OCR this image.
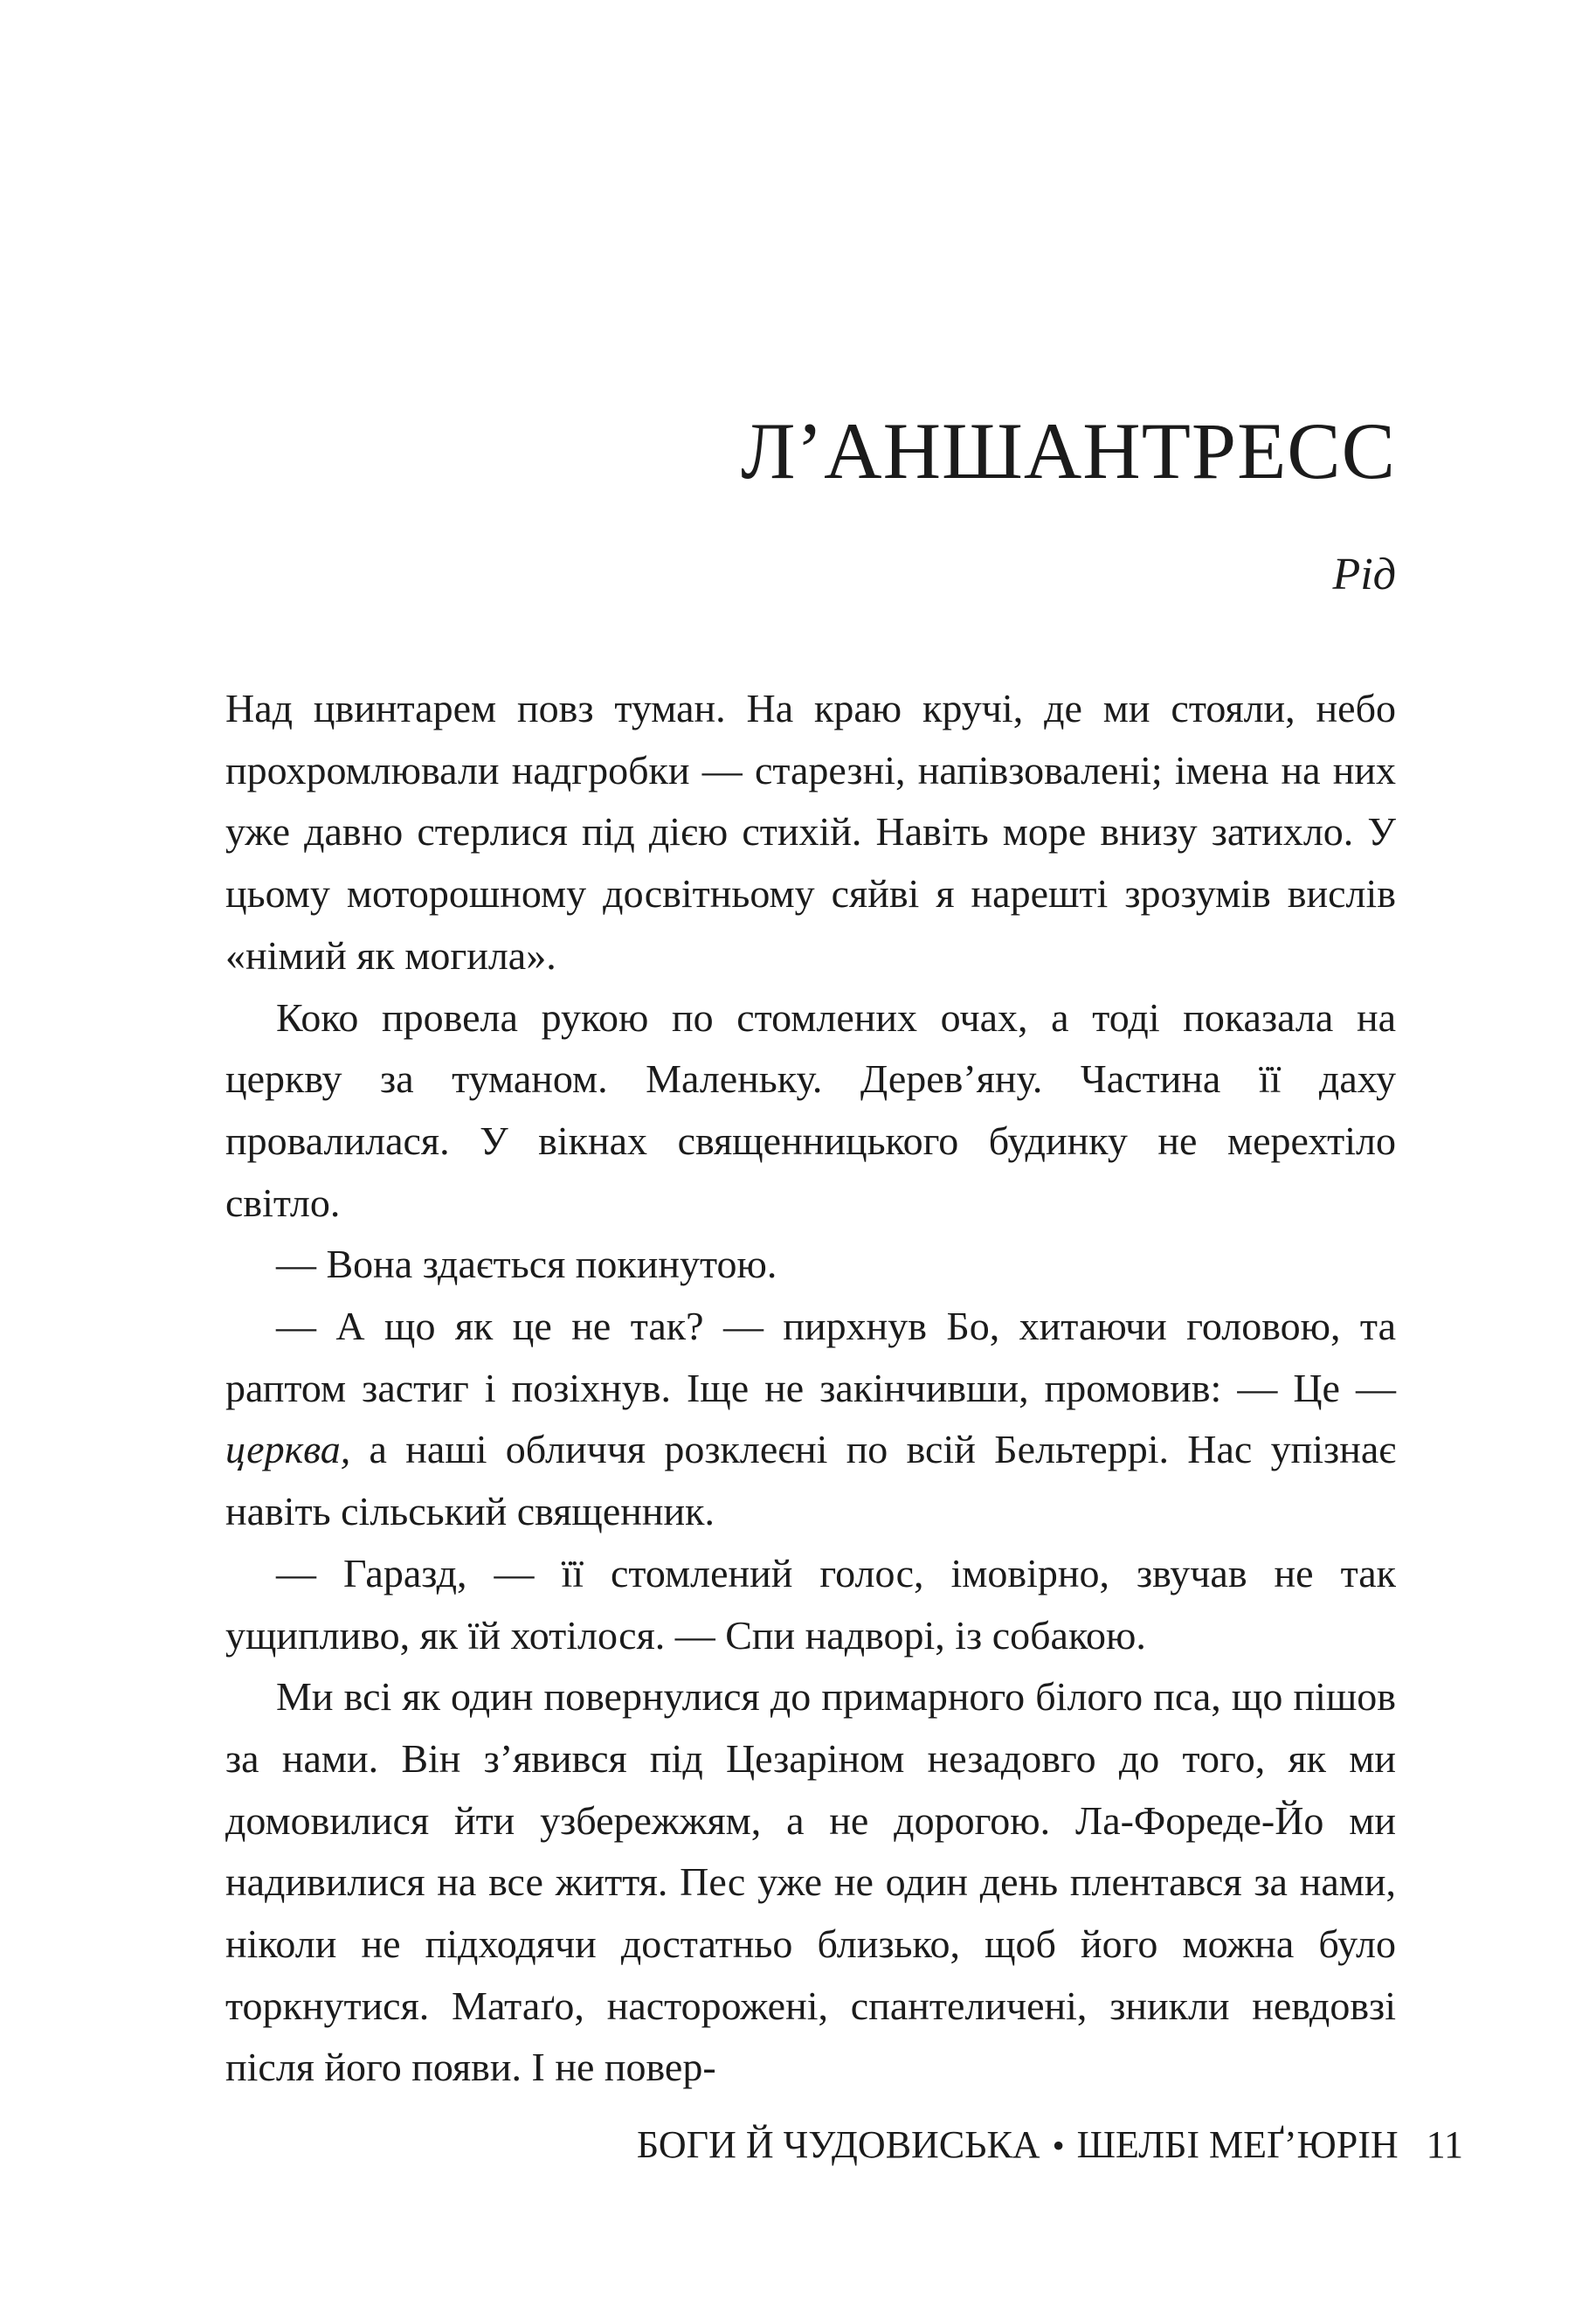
Л’АНШАНТРЕСС
Рід

Над цвинтарем повз туман. На краю кручі, де ми стояли, небо прохромлювали надгробки — старезні, напівзовалені; імена на них уже давно стерлися під дією стихій. Навіть море внизу затихло. У цьому моторошному досвітньому сяйві я нарешті зрозумів вислів «німий як могила».

Коко провела рукою по стомлених очах, а тоді показала на церкву за туманом. Маленьку. Дерев’яну. Частина її даху провалилася. У вікнах священницького будинку не мерехтіло світло.

— Вона здається покинутою.

— А що як це не так? — пирхнув Бо, хитаючи головою, та раптом застиг і позіхнув. Іще не закінчивши, промовив: — Це — церква, а наші обличчя розклеєні по всій Бельтеррі. Нас упізнає навіть сільський священник.

— Гаразд, — її стомлений голос, імовірно, звучав не так ущипливо, як їй хотілося. — Спи надворі, із собакою.

Ми всі як один повернулися до примарного білого пса, що пішов за нами. Він з’явився під Цезаріном незадовго до того, як ми домовилися йти узбережжям, а не дорогою. Ла-Фореде-Йо ми надивилися на все життя. Пес уже не один день плентався за нами, ніколи не підходячи достатньо близько, щоб його можна було торкнутися. Матаґо, настороженi, спантеличені, зникли невдовзі після його появи. І не повер-

БОГИ Й ЧУДОВИСЬКА • ШЕЛБІ МЕҐ’ЮРІН 11
